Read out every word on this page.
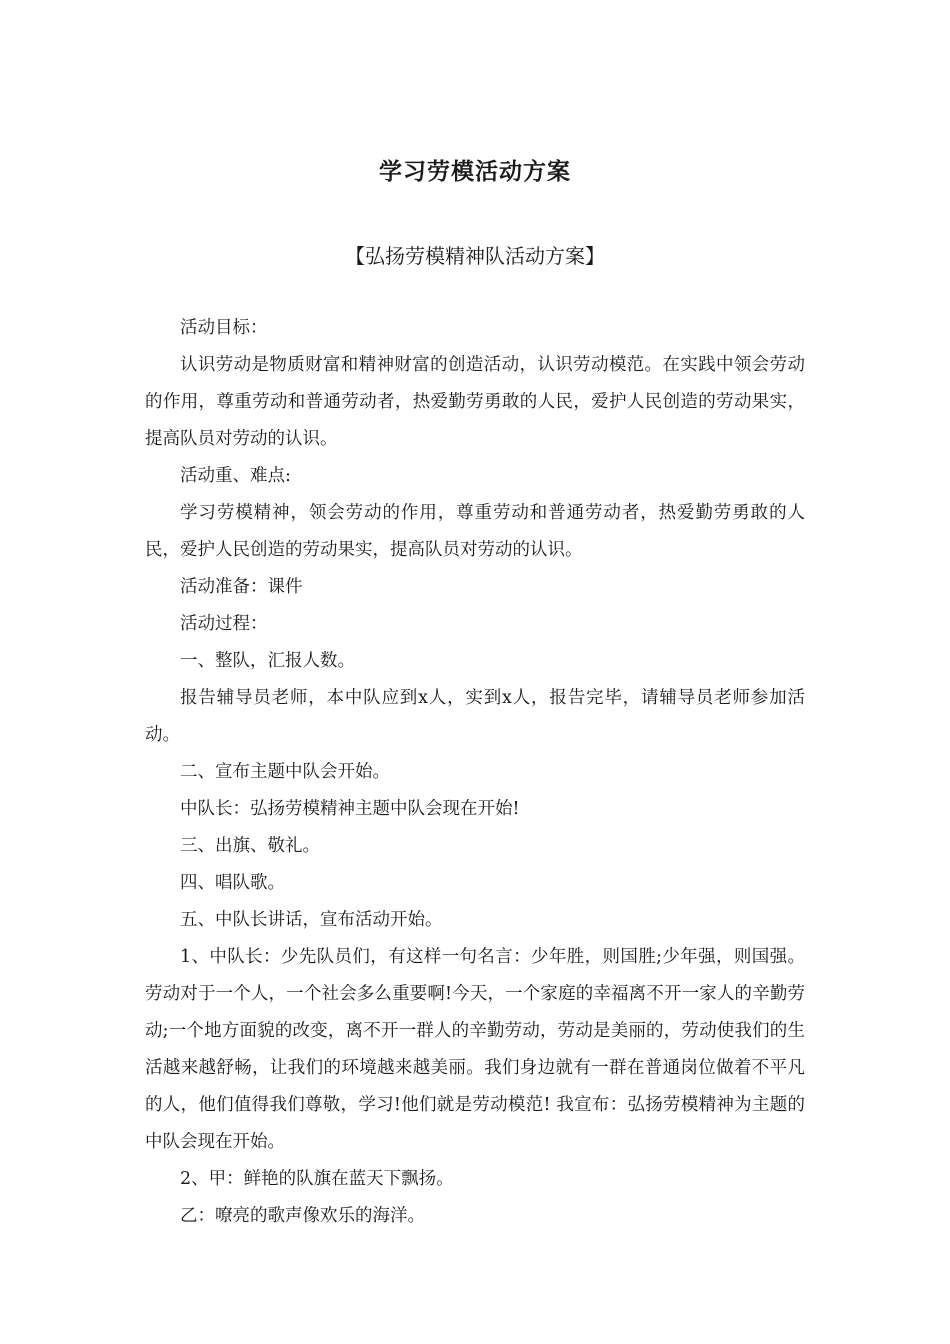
学习劳模活动方案
【弘扬劳模精神队活动方案】

活动目标：

认识劳动是物质财富和精神财富的创造活动，认识劳动模范。在实践中领会劳动的作用，尊重劳动和普通劳动者，热爱勤劳勇敢的人民，爱护人民创造的劳动果实，提高队员对劳动的认识。

活动重、难点:

学习劳模精神，领会劳动的作用，尊重劳动和普通劳动者，热爱勤劳勇敢的人民，爱护人民创造的劳动果实，提高队员对劳动的认识。

活动准备：课件

活动过程：

一、整队，汇报人数。

报告辅导员老师，本中队应到x人，实到x人，报告完毕，请辅导员老师参加活动。

二、宣布主题中队会开始。

中队长：弘扬劳模精神主题中队会现在开始!

三、出旗、敬礼。

四、唱队歌。

五、中队长讲话，宣布活动开始。

1、中队长：少先队员们，有这样一句名言：少年胜，则国胜;少年强，则国强。 劳动对于一个人，一个社会多么重要啊!今天，一个家庭的幸福离不开一家人的辛勤劳动;一个地方面貌的改变，离不开一群人的辛勤劳动，劳动是美丽的，劳动使我们的生活越来越舒畅，让我们的环境越来越美丽。我们身边就有一群在普通岗位做着不平凡的人，他们值得我们尊敬，学习!他们就是劳动模范! 我宣布：弘扬劳模精神为主题的中队会现在开始。

2、甲：鲜艳的队旗在蓝天下飘扬。

乙：嘹亮的歌声像欢乐的海洋。
